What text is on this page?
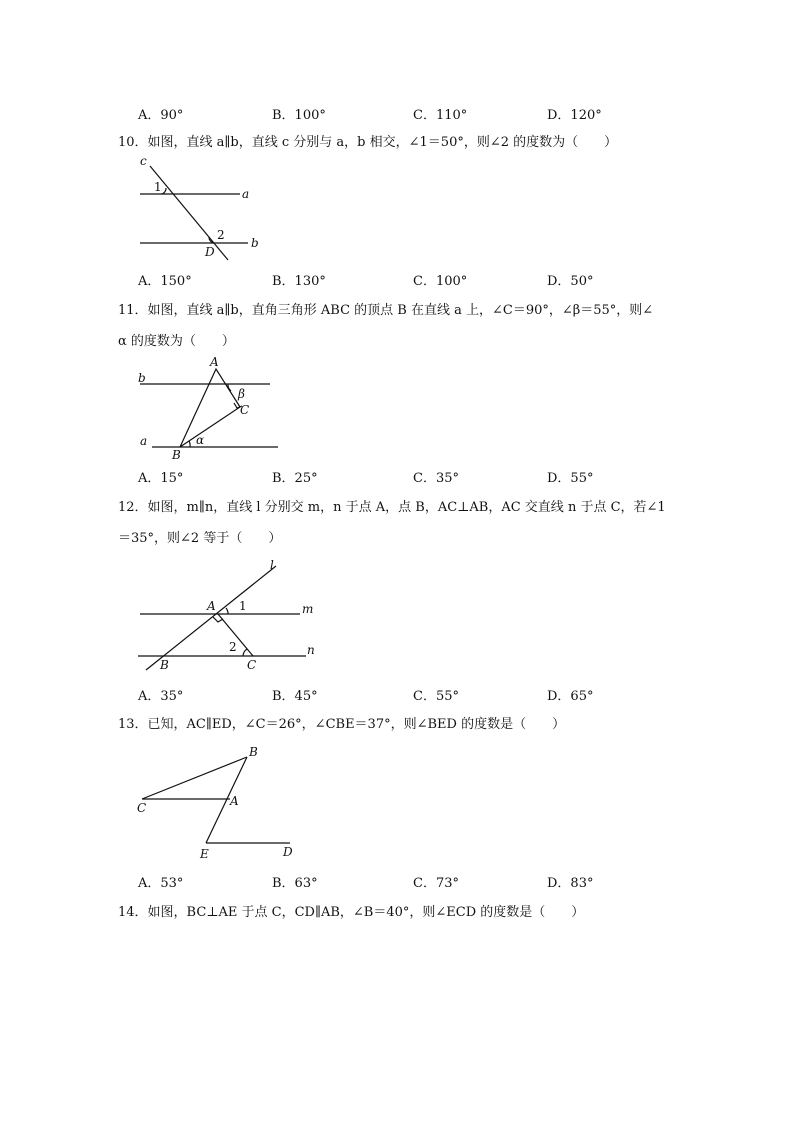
A．90°	B．100°	C．110°	D．120°
10．如图，直线 a∥b，直线 c 分别与 a，b 相交，∠1＝50°，则∠2 的度数为（　　）
c
1	a
2
b
D
A．150°	B．130°	C．100°	D．50°
11．如图，直线 a∥b，直角三角形 ABC 的顶点 B 在直线 a 上，∠C＝90°，∠β＝55°，则∠
α 的度数为（　　）
A
b
β
C
a	α
B
A．15°	B．25°	C．35°	D．55°
12．如图，m∥n，直线 l 分别交 m，n 于点 A，点 B，AC⊥AB，AC 交直线 n 于点 C，若∠1
＝35°，则∠2 等于（　　）
l
A 1	m
2	n
B	C
A．35°	B．45°	C．55°	D．65°
13．已知，AC∥ED，∠C＝26°，∠CBE＝37°，则∠BED 的度数是（　　）
B
C	A
E	D
A．53°	B．63°	C．73°	D．83°
14．如图，BC⊥AE 于点 C，CD∥AB，∠B＝40°，则∠ECD 的度数是（　　）
